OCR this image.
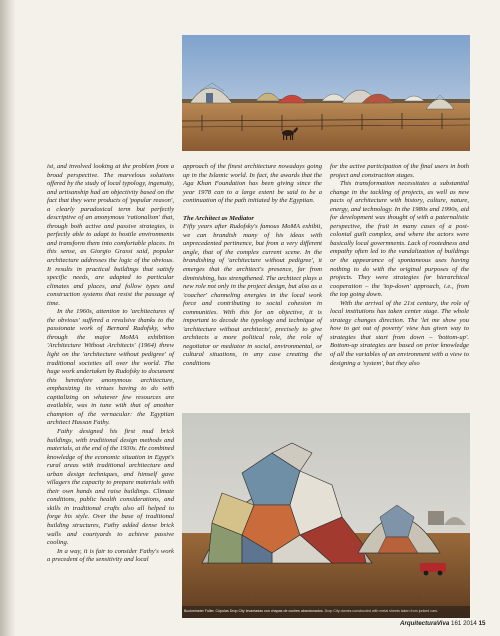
ist, and involved looking at the problem from a broad perspective. The marvelous solutions offered by the study of local typology, ingenuity, and artisanship had an objectivity based on the fact that they were products of 'popular reason', a clearly paradoxical term but perfectly descriptive of an anonymous 'rationalism' that, through both active and passive strategies, is perfectly able to adapt to hostile environments and transform them into comfortable places. In this sense, as Giorgio Grassi said, popular architecture addresses the logic of the obvious. It results in practical buildings that satisfy specific needs, are adapted to particular climates and places, and follow types and construction systems that resist the passage of time.

In the 1960s, attention to 'architectures of the obvious' suffered a revulsive thanks to the passionate work of Bernard Rudofsky, who through the major MoMA exhibition 'Architecture Without Architects' (1964) threw light on the 'architecture without pedigree' of traditional societies all over the world. The huge work undertaken by Rudofsky to document this heretofore anonymous architecture, emphasizing its virtues having to do with capitalizing on whatever few resources are available, was in tune with that of another champion of the vernacular: the Egyptian architect Hassan Fathy.

Fathy designed his first mud brick buildings, with traditional design methods and materials, at the end of the 1930s. He combined knowledge of the economic situation in Egypt's rural areas with traditional architecture and urban design techniques, and himself gave villagers the capacity to prepare materials with their own hands and raise buildings. Climate conditions, public health considerations, and skills in traditional crafts also all helped to forge his style. Over the base of traditional building structures, Fathy added dense brick walls and courtyards to achieve passive cooling.

In a way, it is fair to consider Fathy's work a precedent of the sensitivity and local

approach of the finest architecture nowadays going up in the Islamic world. In fact, the awards that the Aga Khan Foundation has been giving since the year 1978 can to a large extent be said to be a continuation of the path initiated by the Egyptian.

The Architect as Mediator

Fifty years after Rudofsky's famous MoMA exhibit, we can brandish many of his ideas with unprecedented pertinence, but from a very different angle, that of the complex current scene. In the brandishing of 'architecture without pedigree', it emerges that the architect's presence, far from diminishing, has strengthened. The architect plays a new role not only in the project design, but also as a 'coacher' channeling energies in the local work force and contributing to social cohesion in communities. With this for an objective, it is important to decode the typology and technique of 'architecture without architects', precisely to give architects a more political role, the role of negotiator or mediator in social, environmental, or cultural situations, in any case creating the conditions

for the active participation of the final users in both project and construction stages.

This transformation necessitates a substantial change in the tackling of projects, as well as new pacts of architecture with history, culture, nature, energy, and technology. In the 1980s and 1990s, aid for development was thought of with a paternalistic perspective, the fruit in many cases of a post-colonial guilt complex, and where the actors were basically local governments. Lack of rootedness and empathy often led to the vandalization of buildings or the appearance of spontaneous uses having nothing to do with the original purposes of the projects. They were strategies for hierarchical cooperation – the 'top-down' approach, i.e., from the top going down.

With the arrival of the 21st century, the role of local institutions has taken center stage. The whole strategy changes direction. The 'let me show you how to get out of poverty' view has given way to strategies that start from down – 'bottom-up'. Bottom-up strategies are based on prior knowledge of all the variables of an environment with a view to designing a 'system', but they also

Buckminster Fuller. Cúpulas Drop City levantadas con chapas de coches abandonados. Drop City domes constructed with metal sheets taken from junked cars.
ArquitecturaViva 161 2014 15
